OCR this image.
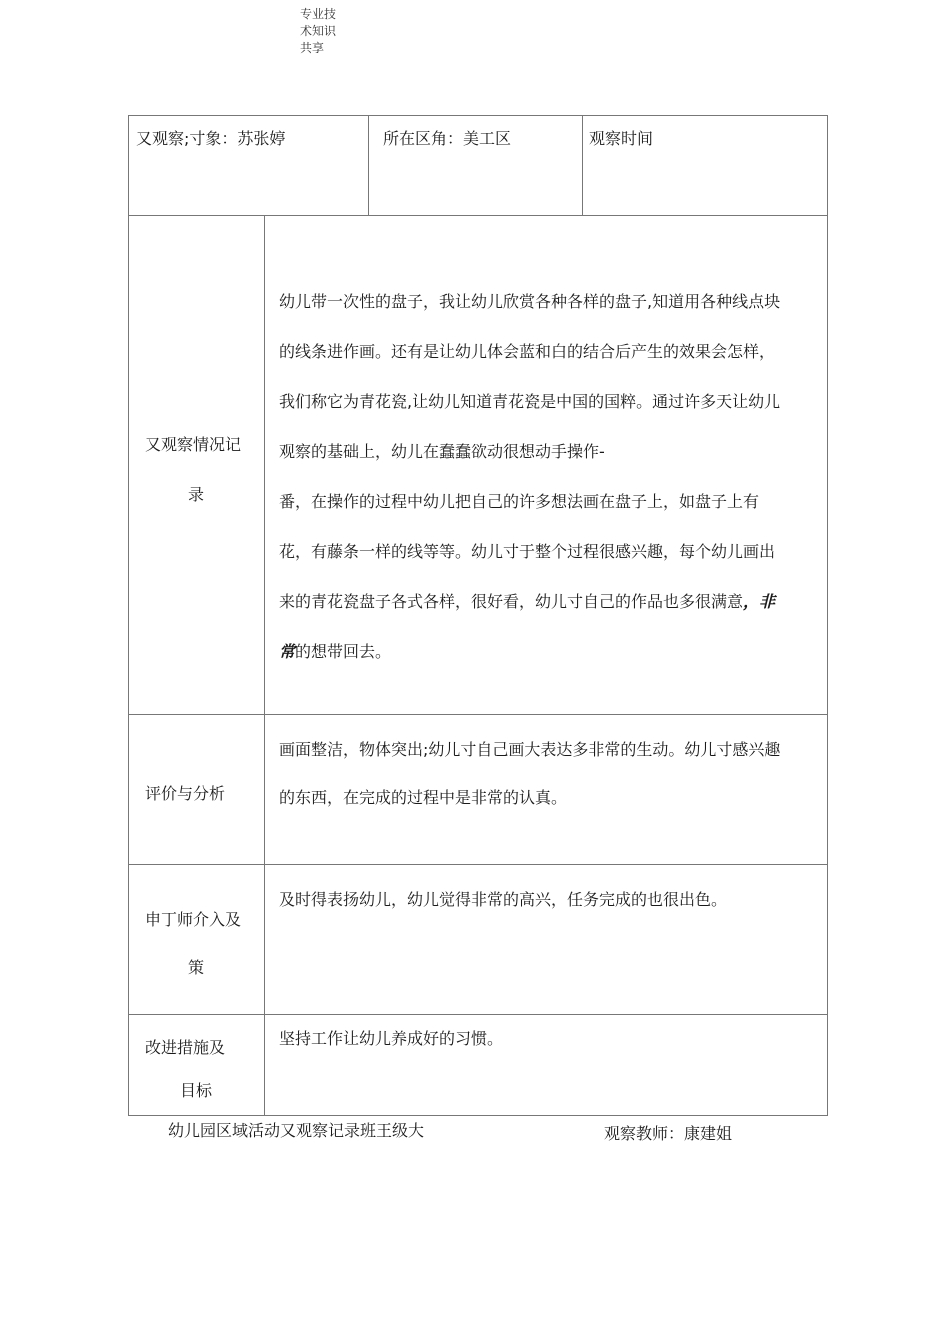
专业技
术知识
共享
又观察;寸象：苏张婷	所在区角：美工区	观察时间
又观察情况记
录
幼儿带一次性的盘子，我让幼儿欣赏各种各样的盘子,知道用各种线点块
的线条进作画。还有是让幼儿体会蓝和白的结合后产生的效果会怎样，
我们称它为青花瓷,让幼儿知道青花瓷是中国的国粹。通过许多天让幼儿
观察的基础上，幼儿在蠢蠢欲动很想动手操作-
番，在操作的过程中幼儿把自己的许多想法画在盘子上，如盘子上有
花，有藤条一样的线等等。幼儿寸于整个过程很感兴趣，每个幼儿画出
来的青花瓷盘子各式各样，很好看，幼儿寸自己的作品也多很满意，非
常的想带回去。
评价与分析
画面整洁，物体突出;幼儿寸自己画大表达多非常的生动。幼儿寸感兴趣
的东西，在完成的过程中是非常的认真。
申丁师介入及
策
及时得表扬幼儿，幼儿觉得非常的高兴，任务完成的也很出色。
改进措施及
目标
坚持工作让幼儿养成好的习惯。
幼儿园区域活动又观察记录班王级大	观察教师：康建姐
